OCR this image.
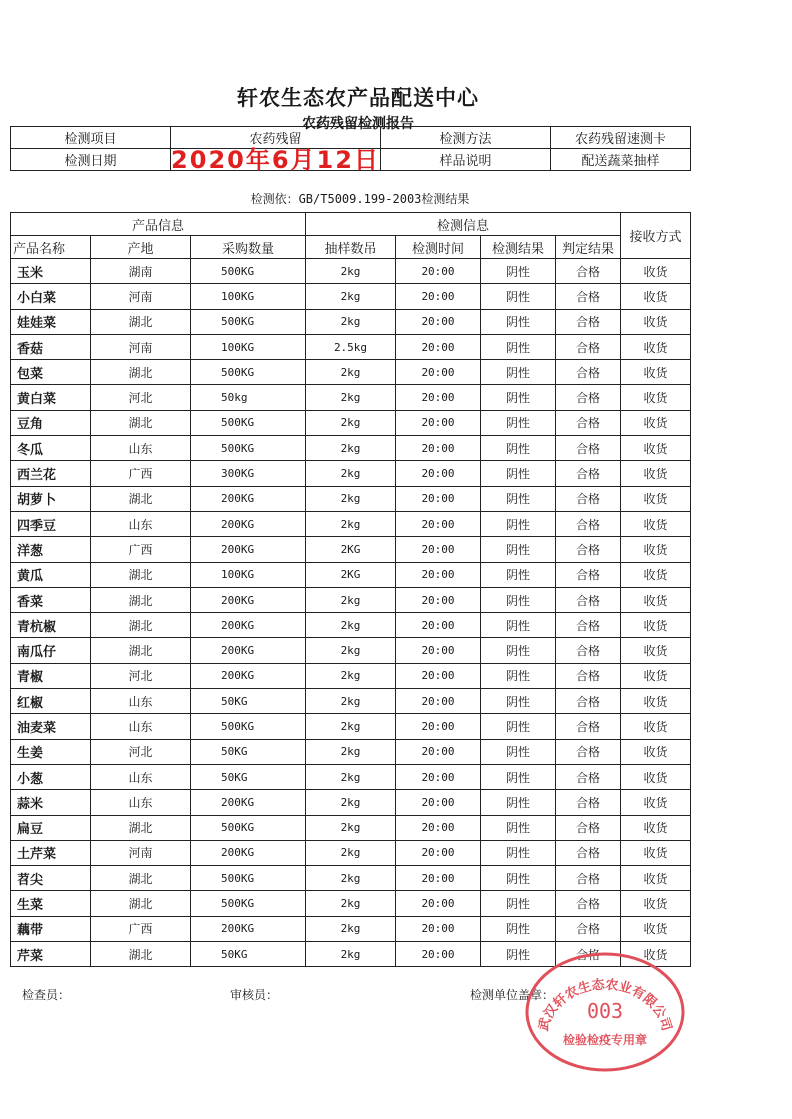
轩农生态农产品配送中心
农药残留检测报告
检测项目	农药残留	检测方法	农药残留速测卡
检测日期	2020年6月12日	样品说明	配送蔬菜抽样
检测依：GB/T5009.199-2003检测结果
产品信息			检测信息				接收方式
产品名称	产地	采购数量	抽样数吊	检测时间	检测结果	判定结果	
玉米	湖南	500KG	2kg	20:00	阴性	合格	收货
小白菜	河南	100KG	2kg	20:00	阴性	合格	收货
娃娃菜	湖北	500KG	2kg	20:00	阴性	合格	收货
香菇	河南	100KG	2.5kg	20:00	阴性	合格	收货
包菜	湖北	500KG	2kg	20:00	阴性	合格	收货
黄白菜	河北	50kg	2kg	20:00	阴性	合格	收货
豆角	湖北	500KG	2kg	20:00	阴性	合格	收货
冬瓜	山东	500KG	2kg	20:00	阴性	合格	收货
西兰花	广西	300KG	2kg	20:00	阴性	合格	收货
胡萝卜	湖北	200KG	2kg	20:00	阴性	合格	收货
四季豆	山东	200KG	2kg	20:00	阴性	合格	收货
洋葱	广西	200KG	2KG	20:00	阴性	合格	收货
黄瓜	湖北	100KG	2KG	20:00	阴性	合格	收货
香菜	湖北	200KG	2kg	20:00	阴性	合格	收货
青杭椒	湖北	200KG	2kg	20:00	阴性	合格	收货
南瓜仔	湖北	200KG	2kg	20:00	阴性	合格	收货
青椒	河北	200KG	2kg	20:00	阴性	合格	收货
红椒	山东	50KG	2kg	20:00	阴性	合格	收货
油麦菜	山东	500KG	2kg	20:00	阴性	合格	收货
生姜	河北	50KG	2kg	20:00	阴性	合格	收货
小葱	山东	50KG	2kg	20:00	阴性	合格	收货
蒜米	山东	200KG	2kg	20:00	阴性	合格	收货
扁豆	湖北	500KG	2kg	20:00	阴性	合格	收货
土芹菜	河南	200KG	2kg	20:00	阴性	合格	收货
苕尖	湖北	500KG	2kg	20:00	阴性	合格	收货
生菜	湖北	500KG	2kg	20:00	阴性	合格	收货
藕带	广西	200KG	2kg	20:00	阴性	合格	收货
芹菜	湖北	50KG	2kg	20:00	阴性	合格	收货
检查员：	审核员：	检测单位盖章：
武汉轩农生态农业有限公司
003
检验检疫专用章
